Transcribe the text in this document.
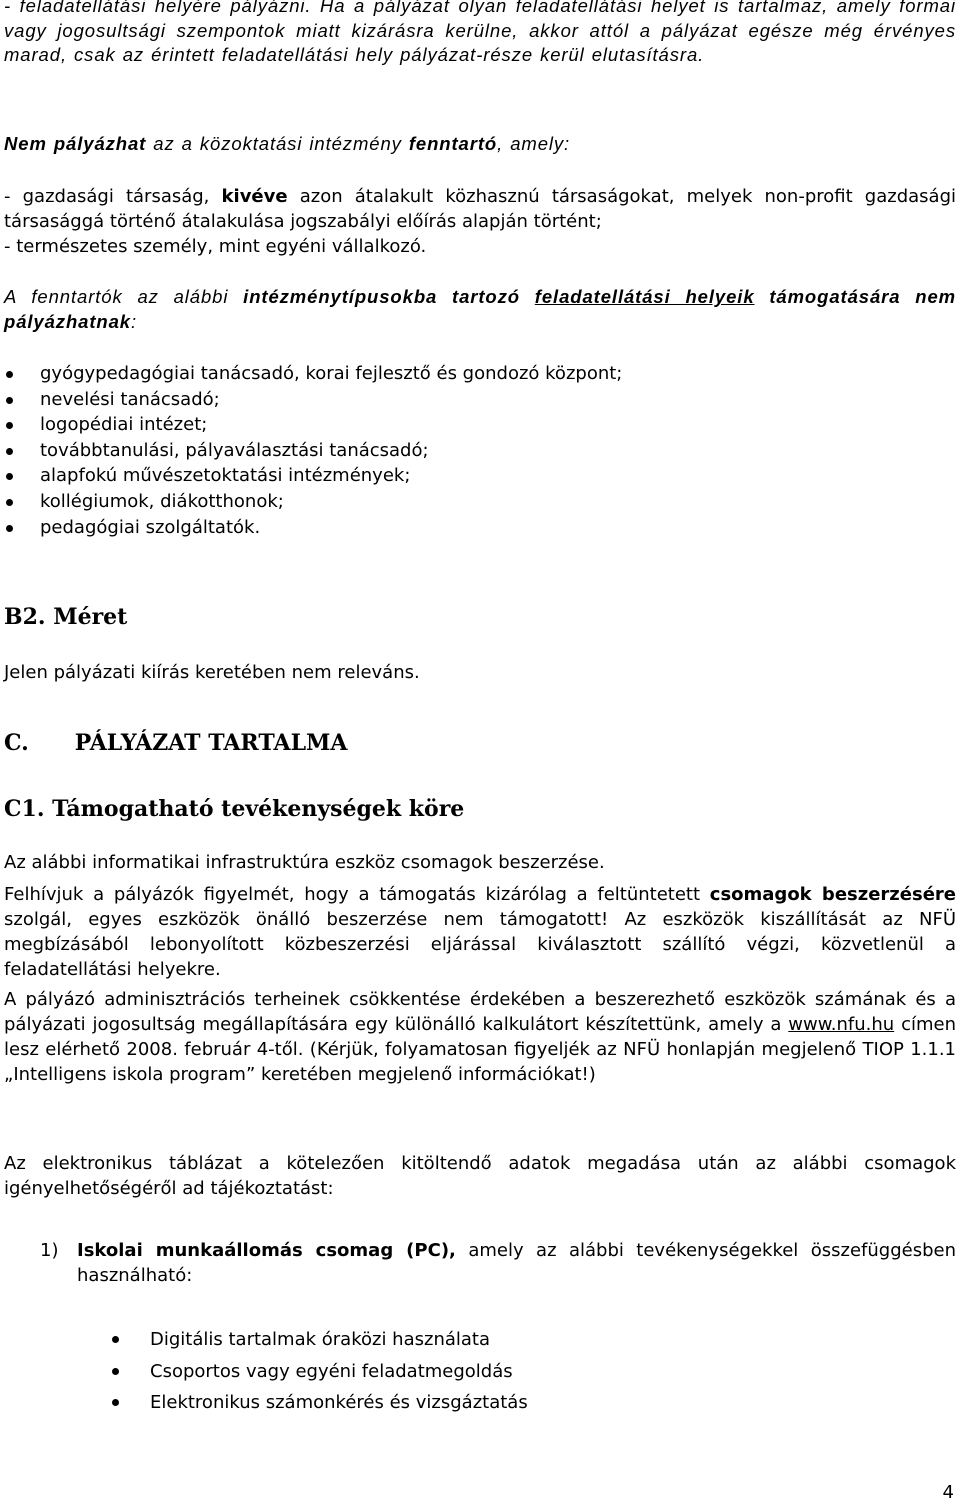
- feladatellátási helyére pályázni. Ha a pályázat olyan feladatellátási helyet is tartalmaz, amely formai vagy jogosultsági szempontok miatt kizárásra kerülne, akkor attól a pályázat egésze még érvényes marad, csak az érintett feladatellátási hely pályázat-része kerül elutasításra.

Nem pályázhat az a közoktatási intézmény fenntartó, amely:

- gazdasági társaság, kivéve azon átalakult közhasznú társaságokat, melyek non-profit gazdasági társasággá történő átalakulása jogszabályi előírás alapján történt;
- természetes személy, mint egyéni vállalkozó.

A fenntartók az alábbi intézménytípusokba tartozó feladatellátási helyeik támogatására nem pályázhatnak:

gyógypedagógiai tanácsadó, korai fejlesztő és gondozó központ;
nevelési tanácsadó;
logopédiai intézet;
továbbtanulási, pályaválasztási tanácsadó;
alapfokú művészetoktatási intézmények;
kollégiumok, diákotthonok;
pedagógiai szolgáltatók.
B2. Méret

Jelen pályázati kiírás keretében nem releváns.

C. PÁLYÁZAT TARTALMA
C1. Támogatható tevékenységek köre

Az alábbi informatikai infrastruktúra eszköz csomagok beszerzése.

Felhívjuk a pályázók figyelmét, hogy a támogatás kizárólag a feltüntetett csomagok beszerzésére szolgál, egyes eszközök önálló beszerzése nem támogatott! Az eszközök kiszállítását az NFÜ megbízásából lebonyolított közbeszerzési eljárással kiválasztott szállító végzi, közvetlenül a feladatellátási helyekre.

A pályázó adminisztrációs terheinek csökkentése érdekében a beszerezhető eszközök számának és a pályázati jogosultság megállapítására egy különálló kalkulátort készítettünk, amely a www.nfu.hu címen lesz elérhető 2008. február 4-től. (Kérjük, folyamatosan figyeljék az NFÜ honlapján megjelenő TIOP 1.1.1 „Intelligens iskola program” keretében megjelenő információkat!)

Az elektronikus táblázat a kötelezően kitöltendő adatok megadása után az alábbi csomagok igényelhetőségéről ad tájékoztatást:

1)	Iskolai munkaállomás csomag (PC), amely az alábbi tevékenységekkel összefüggésben használható:

Digitális tartalmak óraközi használata
Csoportos vagy egyéni feladatmegoldás
Elektronikus számonkérés és vizsgáztatás
4
